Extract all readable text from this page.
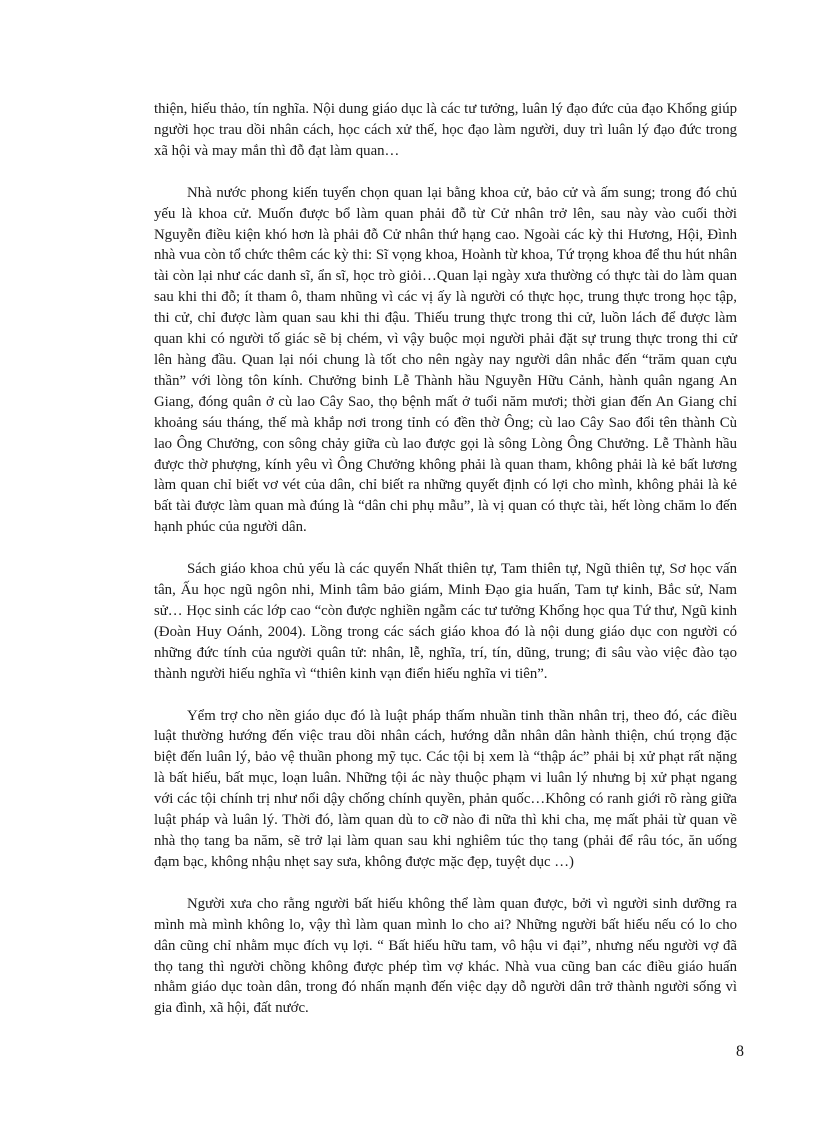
thiện, hiếu thảo, tín nghĩa. Nội dung giáo dục là các tư tưởng, luân lý đạo đức của đạo Khổng giúp người học trau dồi nhân cách, học cách xử thế, học đạo làm người, duy trì luân lý đạo đức trong xã hội và may mắn thì đỗ đạt làm quan…

Nhà nước phong kiến tuyển chọn quan lại bằng khoa cử, bảo cử và ấm sung; trong đó chủ yếu là khoa cử. Muốn được bổ làm quan phải đỗ từ Cử nhân trở lên, sau này vào cuối thời Nguyễn điều kiện khó hơn là phải đỗ Cử nhân thứ hạng cao. Ngoài các kỳ thi Hương, Hội, Đình nhà vua còn tổ chức thêm các kỳ thi: Sĩ vọng khoa, Hoành từ khoa, Tứ trọng khoa để thu hút nhân tài còn lại như các danh sĩ, ẩn sĩ, học trò giỏi…Quan lại ngày xưa thường có thực tài do làm quan sau khi thi đỗ; ít tham ô, tham nhũng vì các vị ấy là người có thực học, trung thực trong học tập, thi cử, chỉ được làm quan sau khi thi đậu. Thiếu trung thực trong thi cử, luồn lách để được làm quan khi có người tố giác sẽ bị chém, vì vậy buộc mọi người phải đặt sự trung thực trong thi cử lên hàng đầu. Quan lại nói chung là tốt cho nên ngày nay người dân nhắc đến “trăm quan cựu thần” với lòng tôn kính. Chưởng binh Lễ Thành hầu Nguyễn Hữu Cảnh, hành quân ngang An Giang, đóng quân ở cù lao Cây Sao, thọ bệnh mất ở tuổi năm mươi; thời gian đến An Giang chỉ khoảng sáu tháng, thế mà khắp nơi trong tỉnh có đền thờ Ông; cù lao Cây Sao đổi tên thành Cù lao Ông Chưởng, con sông chảy giữa cù lao được gọi là sông Lòng Ông Chưởng. Lễ Thành hầu được thờ phượng, kính yêu vì Ông Chưởng không phải là quan tham, không phải là kẻ bất lương làm quan chỉ biết vơ vét của dân, chỉ biết ra những quyết định có lợi cho mình, không phải là kẻ bất tài được làm quan mà đúng là “dân chi phụ mẫu”, là vị quan có thực tài, hết lòng chăm lo đến hạnh phúc của người dân.

Sách giáo khoa chủ yếu là các quyển Nhất thiên tự, Tam thiên tự, Ngũ thiên tự, Sơ học vấn tân, Ấu học ngũ ngôn nhi, Minh tâm bảo giám, Minh Đạo gia huấn, Tam tự kinh, Bắc sử, Nam sử… Học sinh các lớp cao “còn được nghiền ngẫm các tư tưởng Khổng học qua Tứ thư, Ngũ kinh (Đoàn Huy Oánh, 2004). Lồng trong các sách giáo khoa đó là nội dung giáo dục con người có những đức tính của người quân tử: nhân, lễ, nghĩa, trí, tín, dũng, trung; đi sâu vào việc đào tạo thành người hiếu nghĩa vì “thiên kinh vạn điển hiếu nghĩa vi tiên”.

Yểm trợ cho nền giáo dục đó là luật pháp thấm nhuần tinh thần nhân trị, theo đó, các điều luật thường hướng đến việc trau dồi nhân cách, hướng dẫn nhân dân hành thiện, chú trọng đặc biệt đến luân lý, bảo vệ thuần phong mỹ tục. Các tội bị xem là “thập ác” phải bị xử phạt rất nặng là bất hiếu, bất mục, loạn luân. Những tội ác này thuộc phạm vi luân lý nhưng bị xử phạt ngang với các tội chính trị như nổi dậy chống chính quyền, phản quốc…Không có ranh giới rõ ràng giữa luật pháp và luân lý. Thời đó, làm quan dù to cỡ nào đi nữa thì khi cha, mẹ mất phải từ quan về nhà thọ tang ba năm, sẽ trở lại làm quan sau khi nghiêm túc thọ tang (phải để râu tóc, ăn uống đạm bạc, không nhậu nhẹt say sưa, không được mặc đẹp, tuyệt dục …)

Người xưa cho rằng người bất hiếu không thể làm quan được, bởi vì người sinh dưỡng ra mình mà mình không lo, vậy thì làm quan mình lo cho ai? Những người bất hiếu nếu có lo cho dân cũng chỉ nhằm mục đích vụ lợi. “ Bất hiếu hữu tam, vô hậu vi đại”, nhưng nếu người vợ đã thọ tang thì người chồng không được phép tìm vợ khác. Nhà vua cũng ban các điều giáo huấn nhằm giáo dục toàn dân, trong đó nhấn mạnh đến việc dạy dỗ người dân trở thành người sống vì gia đình, xã hội, đất nước.

8
